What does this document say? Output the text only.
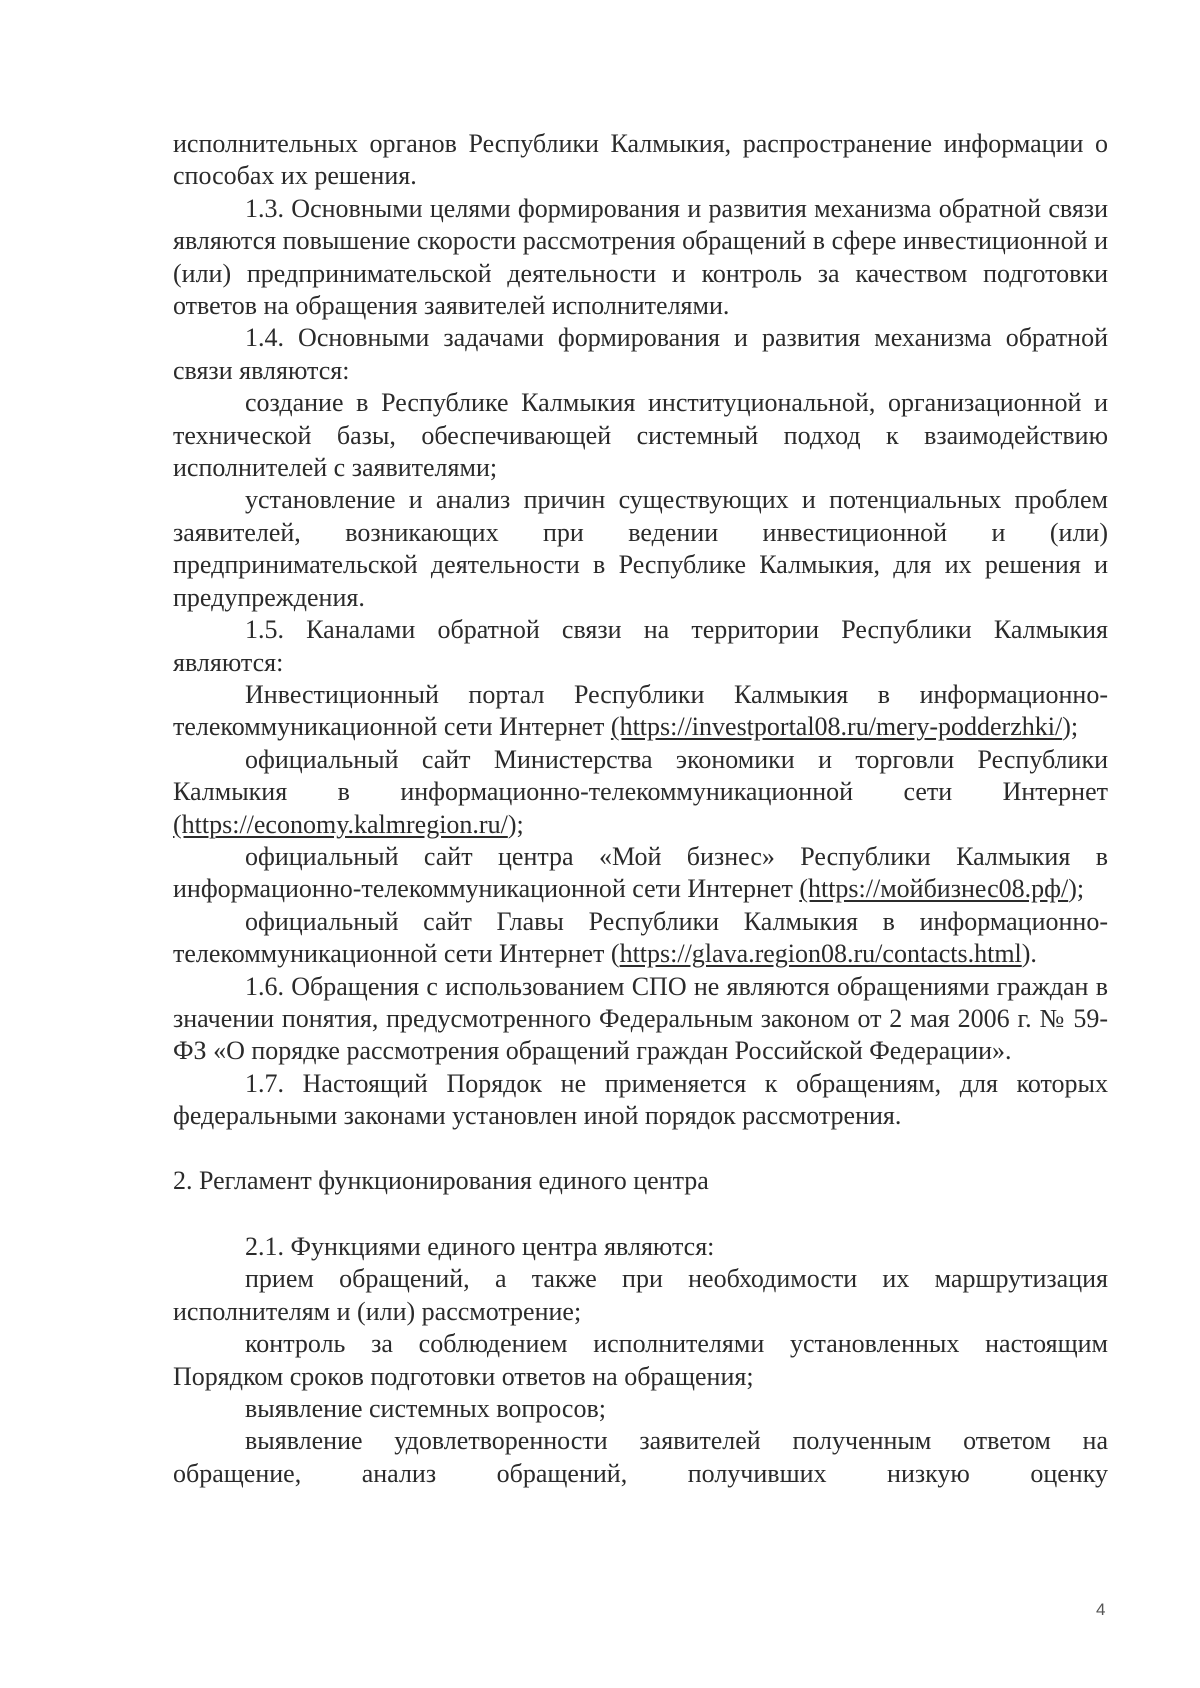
исполнительных органов Республики Калмыкия, распространение информации о способах их решения.

1.3. Основными целями формирования и развития механизма обратной связи являются повышение скорости рассмотрения обращений в сфере инвестиционной и (или) предпринимательской деятельности и контроль за качеством подготовки ответов на обращения заявителей исполнителями.

1.4. Основными задачами формирования и развития механизма обратной связи являются:

создание в Республике Калмыкия институциональной, организационной и технической базы, обеспечивающей системный подход к взаимодействию исполнителей с заявителями;

установление и анализ причин существующих и потенциальных проблем заявителей, возникающих при ведении инвестиционной и (или) предпринимательской деятельности в Республике Калмыкия, для их решения и предупреждения.

1.5. Каналами обратной связи на территории Республики Калмыкия являются:

Инвестиционный портал Республики Калмыкия в информационно-телекоммуникационной сети Интернет (https://investportal08.ru/mery-podderzhki/);

официальный сайт Министерства экономики и торговли Республики Калмыкия в информационно-телекоммуникационной сети Интернет (https://economy.kalmregion.ru/);

официальный сайт центра «Мой бизнес» Республики Калмыкия в информационно-телекоммуникационной сети Интернет (https://мойбизнес08.рф/);

официальный сайт Главы Республики Калмыкия в информационно-телекоммуникационной сети Интернет (https://glava.region08.ru/contacts.html).

1.6. Обращения с использованием СПО не являются обращениями граждан в значении понятия, предусмотренного Федеральным законом от 2 мая 2006 г. № 59-ФЗ «О порядке рассмотрения обращений граждан Российской Федерации».

1.7. Настоящий Порядок не применяется к обращениям, для которых федеральными законами установлен иной порядок рассмотрения.

2. Регламент функционирования единого центра

2.1. Функциями единого центра являются:

прием обращений, а также при необходимости их маршрутизация исполнителям и (или) рассмотрение;

контроль за соблюдением исполнителями установленных настоящим Порядком сроков подготовки ответов на обращения;

выявление системных вопросов;

выявление удовлетворенности заявителей полученным ответом на обращение, анализ обращений, получивших низкую оценку

4
